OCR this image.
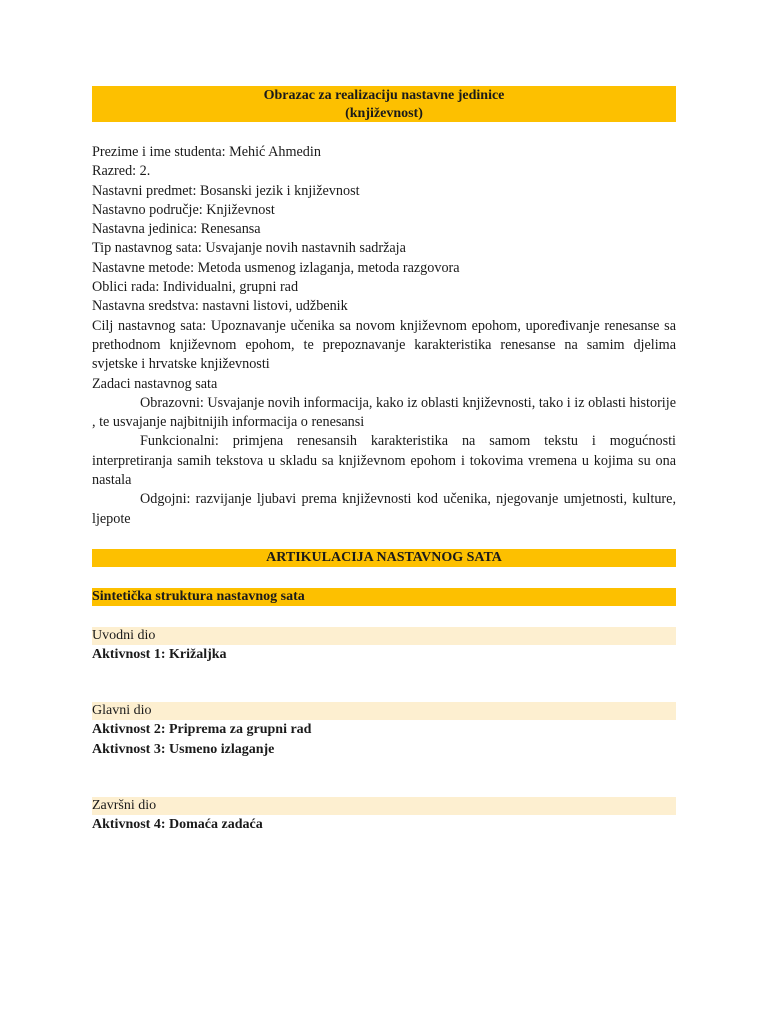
Obrazac za realizaciju nastavne jedinice
(književnost)

Prezime i ime studenta: Mehić Ahmedin

Razred: 2.

Nastavni predmet: Bosanski jezik i književnost

Nastavno područje: Književnost

Nastavna jedinica: Renesansa

Tip nastavnog sata: Usvajanje novih nastavnih sadržaja

Nastavne metode: Metoda usmenog izlaganja, metoda razgovora

Oblici rada: Individualni, grupni rad

Nastavna sredstva: nastavni listovi, udžbenik

Cilj nastavnog sata: Upoznavanje učenika sa novom književnom epohom, upoređivanje renesanse sa prethodnom književnom epohom, te prepoznavanje karakteristika renesanse na samim djelima svjetske i hrvatske književnosti

Zadaci nastavnog sata

Obrazovni: Usvajanje novih informacija, kako iz oblasti književnosti, tako i iz oblasti historije , te usvajanje najbitnijih informacija o renesansi

Funkcionalni: primjena renesansih karakteristika na samom tekstu i mogućnosti interpretiranja samih tekstova u skladu sa književnom epohom i tokovima vremena u kojima su ona nastala

Odgojni: razvijanje ljubavi prema književnosti kod učenika, njegovanje umjetnosti, kulture, ljepote

ARTIKULACIJA NASTAVNOG SATA
Sintetička struktura nastavnog sata
Uvodni dio

Aktivnost 1: Križaljka

Glavni dio

Aktivnost 2: Priprema za grupni rad

Aktivnost 3: Usmeno izlaganje

Završni dio

Aktivnost 4: Domaća zadaća
